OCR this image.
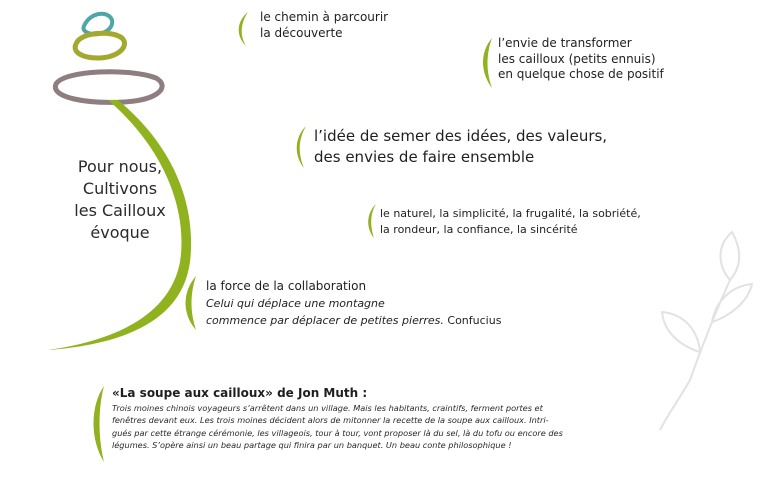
Pour nous,
Cultivons
les Cailloux
évoque
le chemin à parcourir
la découverte
l’envie de transformer
les cailloux (petits ennuis)
en quelque chose de positif
l’idée de semer des idées, des valeurs,
des envies de faire ensemble
le naturel, la simplicité, la frugalité, la sobriété,
la rondeur, la confiance, la sincérité
la force de la collaboration
Celui qui déplace une montagne
commence par déplacer de petites pierres. Confucius
«La soupe aux cailloux» de Jon Muth :
Trois moines chinois voyageurs s’arrêtent dans un village. Mais les habitants, craintifs, ferment portes et
fenêtres devant eux. Les trois moines décident alors de mitonner la recette de la soupe aux cailloux. Intri-
gués par cette étrange cérémonie, les villageois, tour à tour, vont proposer là du sel, là du tofu ou encore des
légumes. S’opère ainsi un beau partage qui finira par un banquet. Un beau conte philosophique !
